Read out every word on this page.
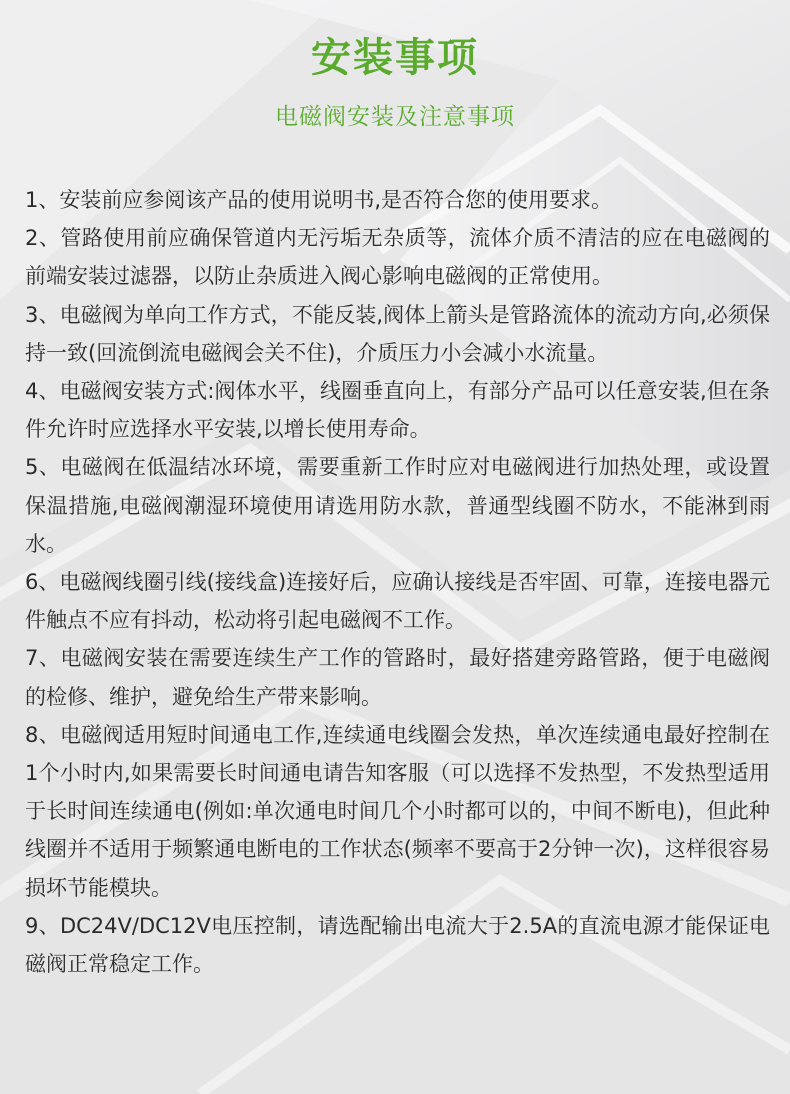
安装事项
电磁阀安装及注意事项

1、安装前应参阅该产品的使用说明书,是否符合您的使用要求。

2、管路使用前应确保管道内无污垢无杂质等，流体介质不清洁的应在电磁阀的前端安装过滤器，以防止杂质进入阀心影响电磁阀的正常使用。

3、电磁阀为单向工作方式，不能反装,阀体上箭头是管路流体的流动方向,必须保持一致(回流倒流电磁阀会关不住)，介质压力小会减小水流量。

4、电磁阀安装方式:阀体水平，线圈垂直向上，有部分产品可以任意安装,但在条件允许时应选择水平安装,以增长使用寿命。

5、电磁阀在低温结冰环境，需要重新工作时应对电磁阀进行加热处理，或设置保温措施,电磁阀潮湿环境使用请选用防水款，普通型线圈不防水，不能淋到雨水。

6、电磁阀线圈引线(接线盒)连接好后，应确认接线是否牢固、可靠，连接电器元件触点不应有抖动，松动将引起电磁阀不工作。

7、电磁阀安装在需要连续生产工作的管路时，最好搭建旁路管路，便于电磁阀的检修、维护，避免给生产带来影响。

8、电磁阀适用短时间通电工作,连续通电线圈会发热，单次连续通电最好控制在1个小时内,如果需要长时间通电请告知客服（可以选择不发热型，不发热型适用于长时间连续通电(例如:单次通电时间几个小时都可以的，中间不断电)，但此种线圈并不适用于频繁通电断电的工作状态(频率不要高于2分钟一次)，这样很容易损坏节能模块。

9、DC24V/DC12V电压控制，请选配输出电流大于2.5A的直流电源才能保证电磁阀正常稳定工作。
